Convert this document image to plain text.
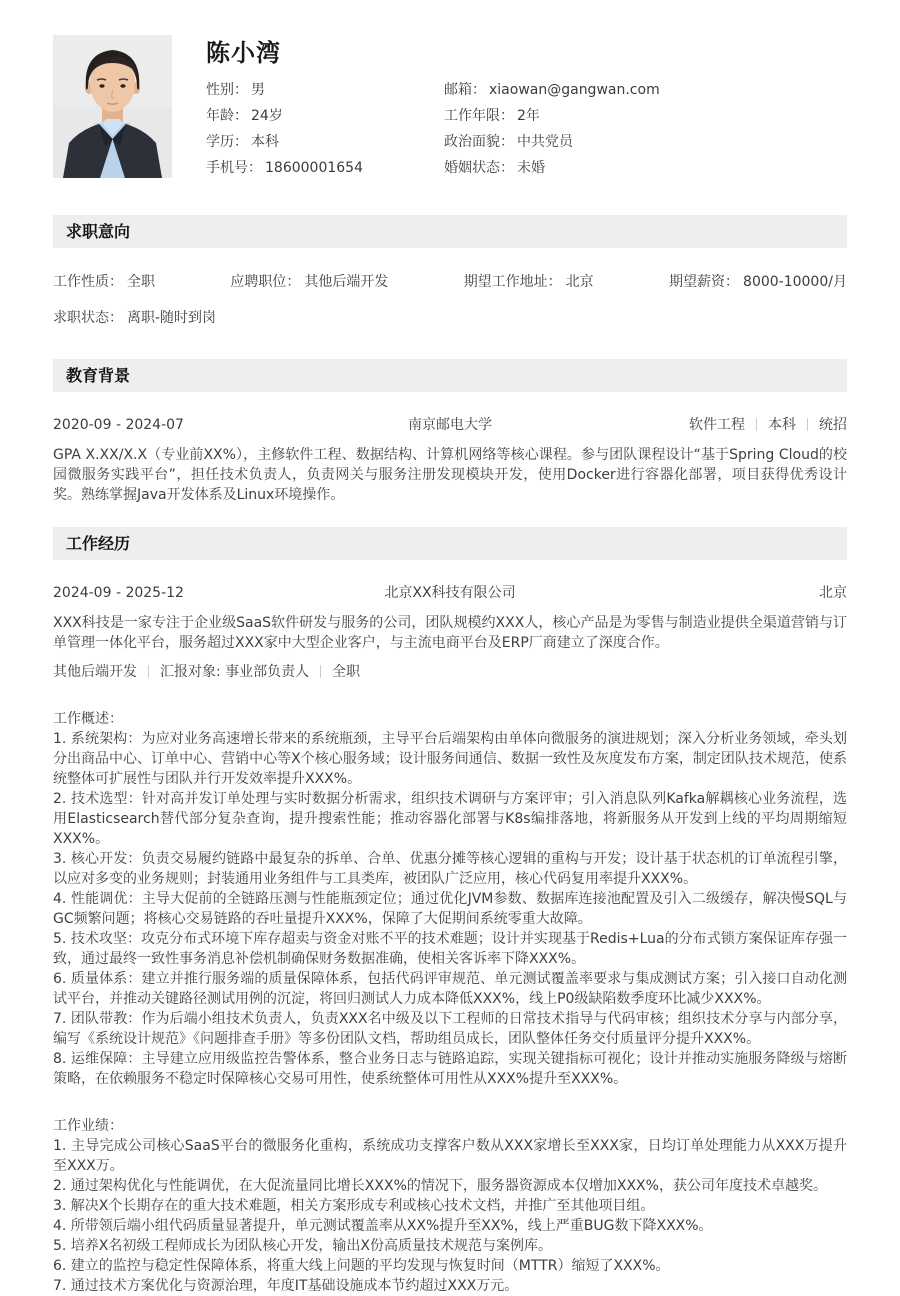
陈小湾
性别： 男
年龄： 24岁
学历： 本科
手机号： 18600001654
邮箱： xiaowan@gangwan.com
工作年限： 2年
政治面貌： 中共党员
婚姻状态： 未婚
求职意向
工作性质： 全职	应聘职位： 其他后端开发	期望工作地址： 北京	期望薪资： 8000-10000/月
求职状态： 离职-随时到岗
教育背景
2020-09 - 2024-07	南京邮电大学	软件工程 本科 统招

GPA X.XX/X.X（专业前XX%），主修软件工程、数据结构、计算机网络等核心课程。参与团队课程设计“基于Spring Cloud的校园微服务实践平台”，担任技术负责人，负责网关与服务注册发现模块开发，使用Docker进行容器化部署，项目获得优秀设计奖。熟练掌握Java开发体系及Linux环境操作。

工作经历
2024-09 - 2025-12	北京XX科技有限公司	北京

XXX科技是一家专注于企业级SaaS软件研发与服务的公司，团队规模约XXX人，核心产品是为零售与制造业提供全渠道营销与订单管理一体化平台，服务超过XXX家中大型企业客户，与主流电商平台及ERP厂商建立了深度合作。

其他后端开发 汇报对象: 事业部负责人 全职
工作概述：

1. 系统架构：为应对业务高速增长带来的系统瓶颈，主导平台后端架构由单体向微服务的演进规划；深入分析业务领域，牵头划分出商品中心、订单中心、营销中心等X个核心服务域；设计服务间通信、数据一致性及灰度发布方案，制定团队技术规范，使系统整体可扩展性与团队并行开发效率提升XXX%。

2. 技术选型：针对高并发订单处理与实时数据分析需求，组织技术调研与方案评审；引入消息队列Kafka解耦核心业务流程，选用Elasticsearch替代部分复杂查询，提升搜索性能；推动容器化部署与K8s编排落地，将新服务从开发到上线的平均周期缩短XXX%。

3. 核心开发：负责交易履约链路中最复杂的拆单、合单、优惠分摊等核心逻辑的重构与开发；设计基于状态机的订单流程引擎，以应对多变的业务规则；封装通用业务组件与工具类库，被团队广泛应用，核心代码复用率提升XXX%。

4. 性能调优：主导大促前的全链路压测与性能瓶颈定位；通过优化JVM参数、数据库连接池配置及引入二级缓存，解决慢SQL与GC频繁问题；将核心交易链路的吞吐量提升XXX%，保障了大促期间系统零重大故障。

5. 技术攻坚：攻克分布式环境下库存超卖与资金对账不平的技术难题；设计并实现基于Redis+Lua的分布式锁方案保证库存强一致，通过最终一致性事务消息补偿机制确保财务数据准确，使相关客诉率下降XXX%。

6. 质量体系：建立并推行服务端的质量保障体系，包括代码评审规范、单元测试覆盖率要求与集成测试方案；引入接口自动化测试平台，并推动关键路径测试用例的沉淀，将回归测试人力成本降低XXX%，线上P0级缺陷数季度环比减少XXX%。

7. 团队带教：作为后端小组技术负责人，负责XXX名中级及以下工程师的日常技术指导与代码审核；组织技术分享与内部分享，编写《系统设计规范》《问题排查手册》等多份团队文档，帮助组员成长，团队整体任务交付质量评分提升XXX%。

8. 运维保障：主导建立应用级监控告警体系，整合业务日志与链路追踪，实现关键指标可视化；设计并推动实施服务降级与熔断策略，在依赖服务不稳定时保障核心交易可用性，使系统整体可用性从XXX%提升至XXX%。

工作业绩：

1. 主导完成公司核心SaaS平台的微服务化重构，系统成功支撑客户数从XXX家增长至XXX家，日均订单处理能力从XXX万提升至XXX万。

2. 通过架构优化与性能调优，在大促流量同比增长XXX%的情况下，服务器资源成本仅增加XXX%，获公司年度技术卓越奖。

3. 解决X个长期存在的重大技术难题，相关方案形成专利或核心技术文档，并推广至其他项目组。

4. 所带领后端小组代码质量显著提升，单元测试覆盖率从XX%提升至XX%，线上严重BUG数下降XXX%。

5. 培养X名初级工程师成长为团队核心开发，输出X份高质量技术规范与案例库。

6. 建立的监控与稳定性保障体系，将重大线上问题的平均发现与恢复时间（MTTR）缩短了XXX%。

7. 通过技术方案优化与资源治理，年度IT基础设施成本节约超过XXX万元。
